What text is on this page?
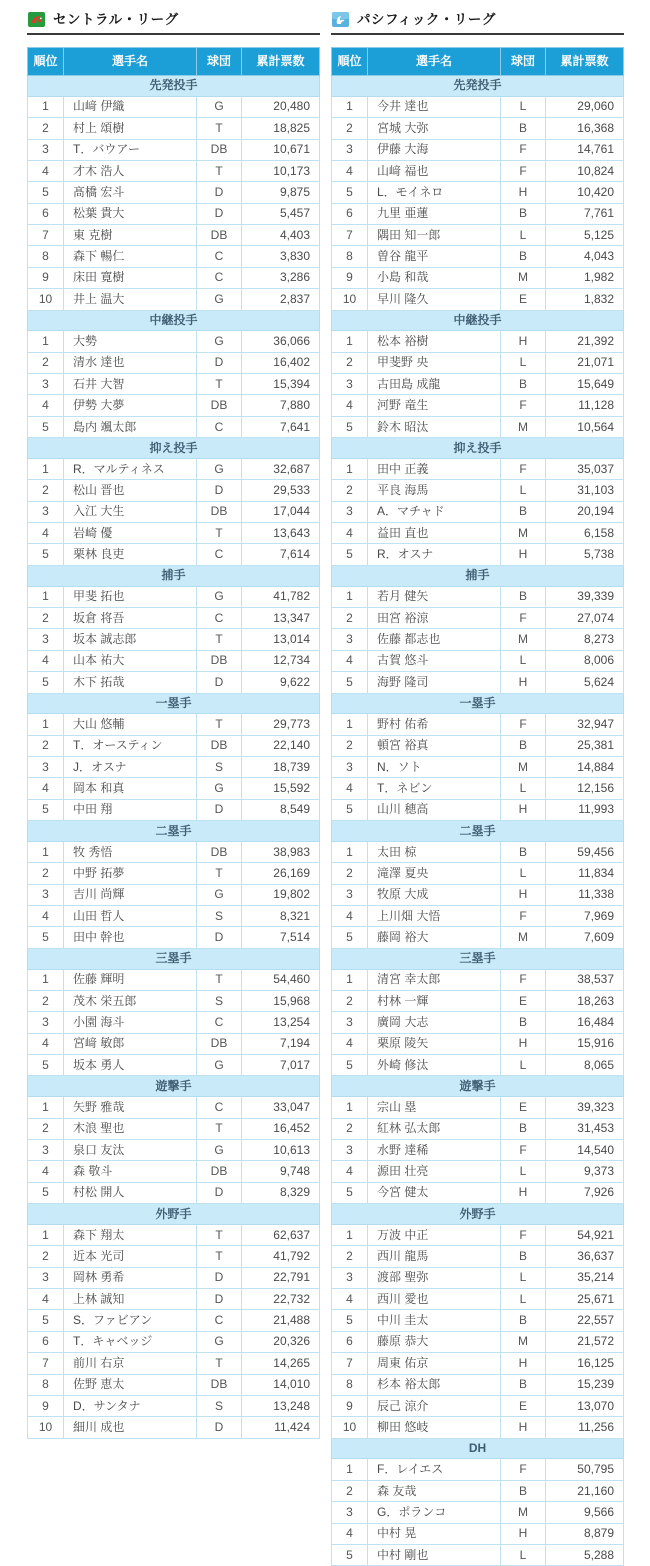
セントラル・リーグ
順位	選手名	球団	累計票数
先発投手			
1	山﨑 伊織	G	20,480
2	村上 頌樹	T	18,825
3	T．バウアー	DB	10,671
4	才木 浩人	T	10,173
5	髙橋 宏斗	D	9,875
6	松葉 貴大	D	5,457
7	東 克樹	DB	4,403
8	森下 暢仁	C	3,830
9	床田 寛樹	C	3,286
10	井上 温大	G	2,837
中継投手			
1	大勢	G	36,066
2	清水 達也	D	16,402
3	石井 大智	T	15,394
4	伊勢 大夢	DB	7,880
5	島内 颯太郎	C	7,641
抑え投手			
1	R．マルティネス	G	32,687
2	松山 晋也	D	29,533
3	入江 大生	DB	17,044
4	岩崎 優	T	13,643
5	栗林 良吏	C	7,614
捕手			
1	甲斐 拓也	G	41,782
2	坂倉 将吾	C	13,347
3	坂本 誠志郎	T	13,014
4	山本 祐大	DB	12,734
5	木下 拓哉	D	9,622
一塁手			
1	大山 悠輔	T	29,773
2	T．オースティン	DB	22,140
3	J．オスナ	S	18,739
4	岡本 和真	G	15,592
5	中田 翔	D	8,549
二塁手			
1	牧 秀悟	DB	38,983
2	中野 拓夢	T	26,169
3	吉川 尚輝	G	19,802
4	山田 哲人	S	8,321
5	田中 幹也	D	7,514
三塁手			
1	佐藤 輝明	T	54,460
2	茂木 栄五郎	S	15,968
3	小園 海斗	C	13,254
4	宮﨑 敏郎	DB	7,194
5	坂本 勇人	G	7,017
遊撃手			
1	矢野 雅哉	C	33,047
2	木浪 聖也	T	16,452
3	泉口 友汰	G	10,613
4	森 敬斗	DB	9,748
5	村松 開人	D	8,329
外野手			
1	森下 翔太	T	62,637
2	近本 光司	T	41,792
3	岡林 勇希	D	22,791
4	上林 誠知	D	22,732
5	S．ファビアン	C	21,488
6	T．キャベッジ	G	20,326
7	前川 右京	T	14,265
8	佐野 恵太	DB	14,010
9	D．サンタナ	S	13,248
10	細川 成也	D	11,424
パシフィック・リーグ
順位	選手名	球団	累計票数
先発投手			
1	今井 達也	L	29,060
2	宮城 大弥	B	16,368
3	伊藤 大海	F	14,761
4	山﨑 福也	F	10,824
5	L．モイネロ	H	10,420
6	九里 亜蓮	B	7,761
7	隅田 知一郎	L	5,125
8	曽谷 龍平	B	4,043
9	小島 和哉	M	1,982
10	早川 隆久	E	1,832
中継投手			
1	松本 裕樹	H	21,392
2	甲斐野 央	L	21,071
3	古田島 成龍	B	15,649
4	河野 竜生	F	11,128
5	鈴木 昭汰	M	10,564
抑え投手			
1	田中 正義	F	35,037
2	平良 海馬	L	31,103
3	A．マチャド	B	20,194
4	益田 直也	M	6,158
5	R．オスナ	H	5,738
捕手			
1	若月 健矢	B	39,339
2	田宮 裕涼	F	27,074
3	佐藤 都志也	M	8,273
4	古賀 悠斗	L	8,006
5	海野 隆司	H	5,624
一塁手			
1	野村 佑希	F	32,947
2	頓宮 裕真	B	25,381
3	N．ソト	M	14,884
4	T．ネビン	L	12,156
5	山川 穂高	H	11,993
二塁手			
1	太田 椋	B	59,456
2	滝澤 夏央	L	11,834
3	牧原 大成	H	11,338
4	上川畑 大悟	F	7,969
5	藤岡 裕大	M	7,609
三塁手			
1	清宮 幸太郎	F	38,537
2	村林 一輝	E	18,263
3	廣岡 大志	B	16,484
4	栗原 陵矢	H	15,916
5	外崎 修汰	L	8,065
遊撃手			
1	宗山 塁	E	39,323
2	紅林 弘太郎	B	31,453
3	水野 達稀	F	14,540
4	源田 壮亮	L	9,373
5	今宮 健太	H	7,926
外野手			
1	万波 中正	F	54,921
2	西川 龍馬	B	36,637
3	渡部 聖弥	L	35,214
4	西川 愛也	L	25,671
5	中川 圭太	B	22,557
6	藤原 恭大	M	21,572
7	周東 佑京	H	16,125
8	杉本 裕太郎	B	15,239
9	辰己 涼介	E	13,070
10	柳田 悠岐	H	11,256
DH			
1	F．レイエス	F	50,795
2	森 友哉	B	21,160
3	G．ポランコ	M	9,566
4	中村 晃	H	8,879
5	中村 剛也	L	5,288
